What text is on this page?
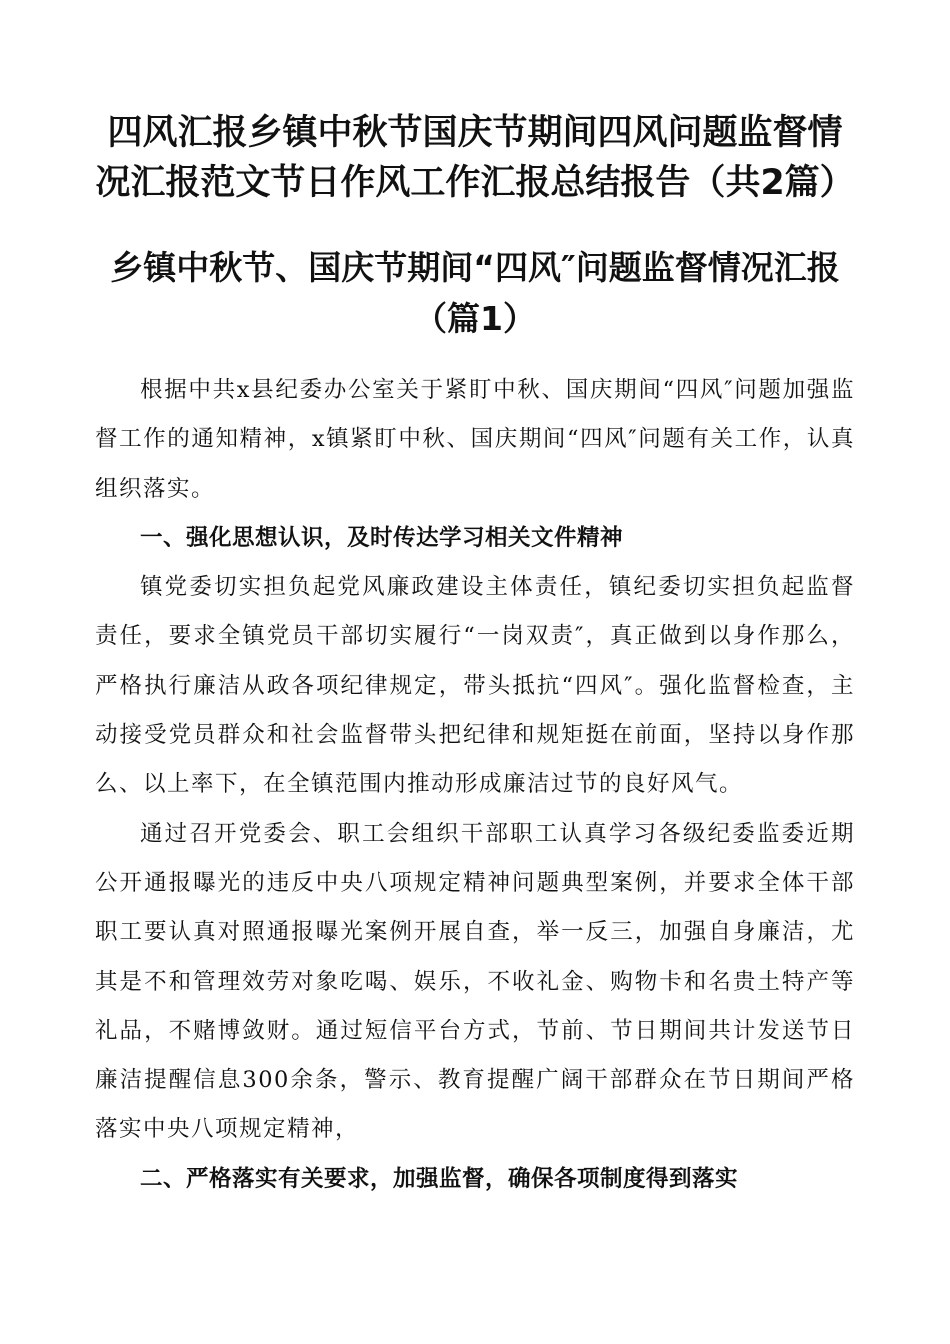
四风汇报乡镇中秋节国庆节期间四风问题监督情况汇报范文节日作风工作汇报总结报告（共2篇）
乡镇中秋节、国庆节期间“四风″问题监督情况汇报
（篇1）

根据中共x县纪委办公室关于紧盯中秋、国庆期间“四风″问题加强监督工作的通知精神，x镇紧盯中秋、国庆期间“四风″问题有关工作，认真组织落实。

一、强化思想认识，及时传达学习相关文件精神

镇党委切实担负起党风廉政建设主体责任，镇纪委切实担负起监督责任，要求全镇党员干部切实履行“一岗双责″，真正做到以身作那么，严格执行廉洁从政各项纪律规定，带头抵抗“四风″。强化监督检查，主动接受党员群众和社会监督带头把纪律和规矩挺在前面，坚持以身作那么、以上率下，在全镇范围内推动形成廉洁过节的良好风气。

通过召开党委会、职工会组织干部职工认真学习各级纪委监委近期公开通报曝光的违反中央八项规定精神问题典型案例，并要求全体干部职工要认真对照通报曝光案例开展自查，举一反三，加强自身廉洁，尤其是不和管理效劳对象吃喝、娱乐，不收礼金、购物卡和名贵土特产等礼品，不赌博敛财。通过短信平台方式，节前、节日期间共计发送节日廉洁提醒信息300余条，警示、教育提醒广阔干部群众在节日期间严格落实中央八项规定精神，

二、严格落实有关要求，加强监督，确保各项制度得到落实
